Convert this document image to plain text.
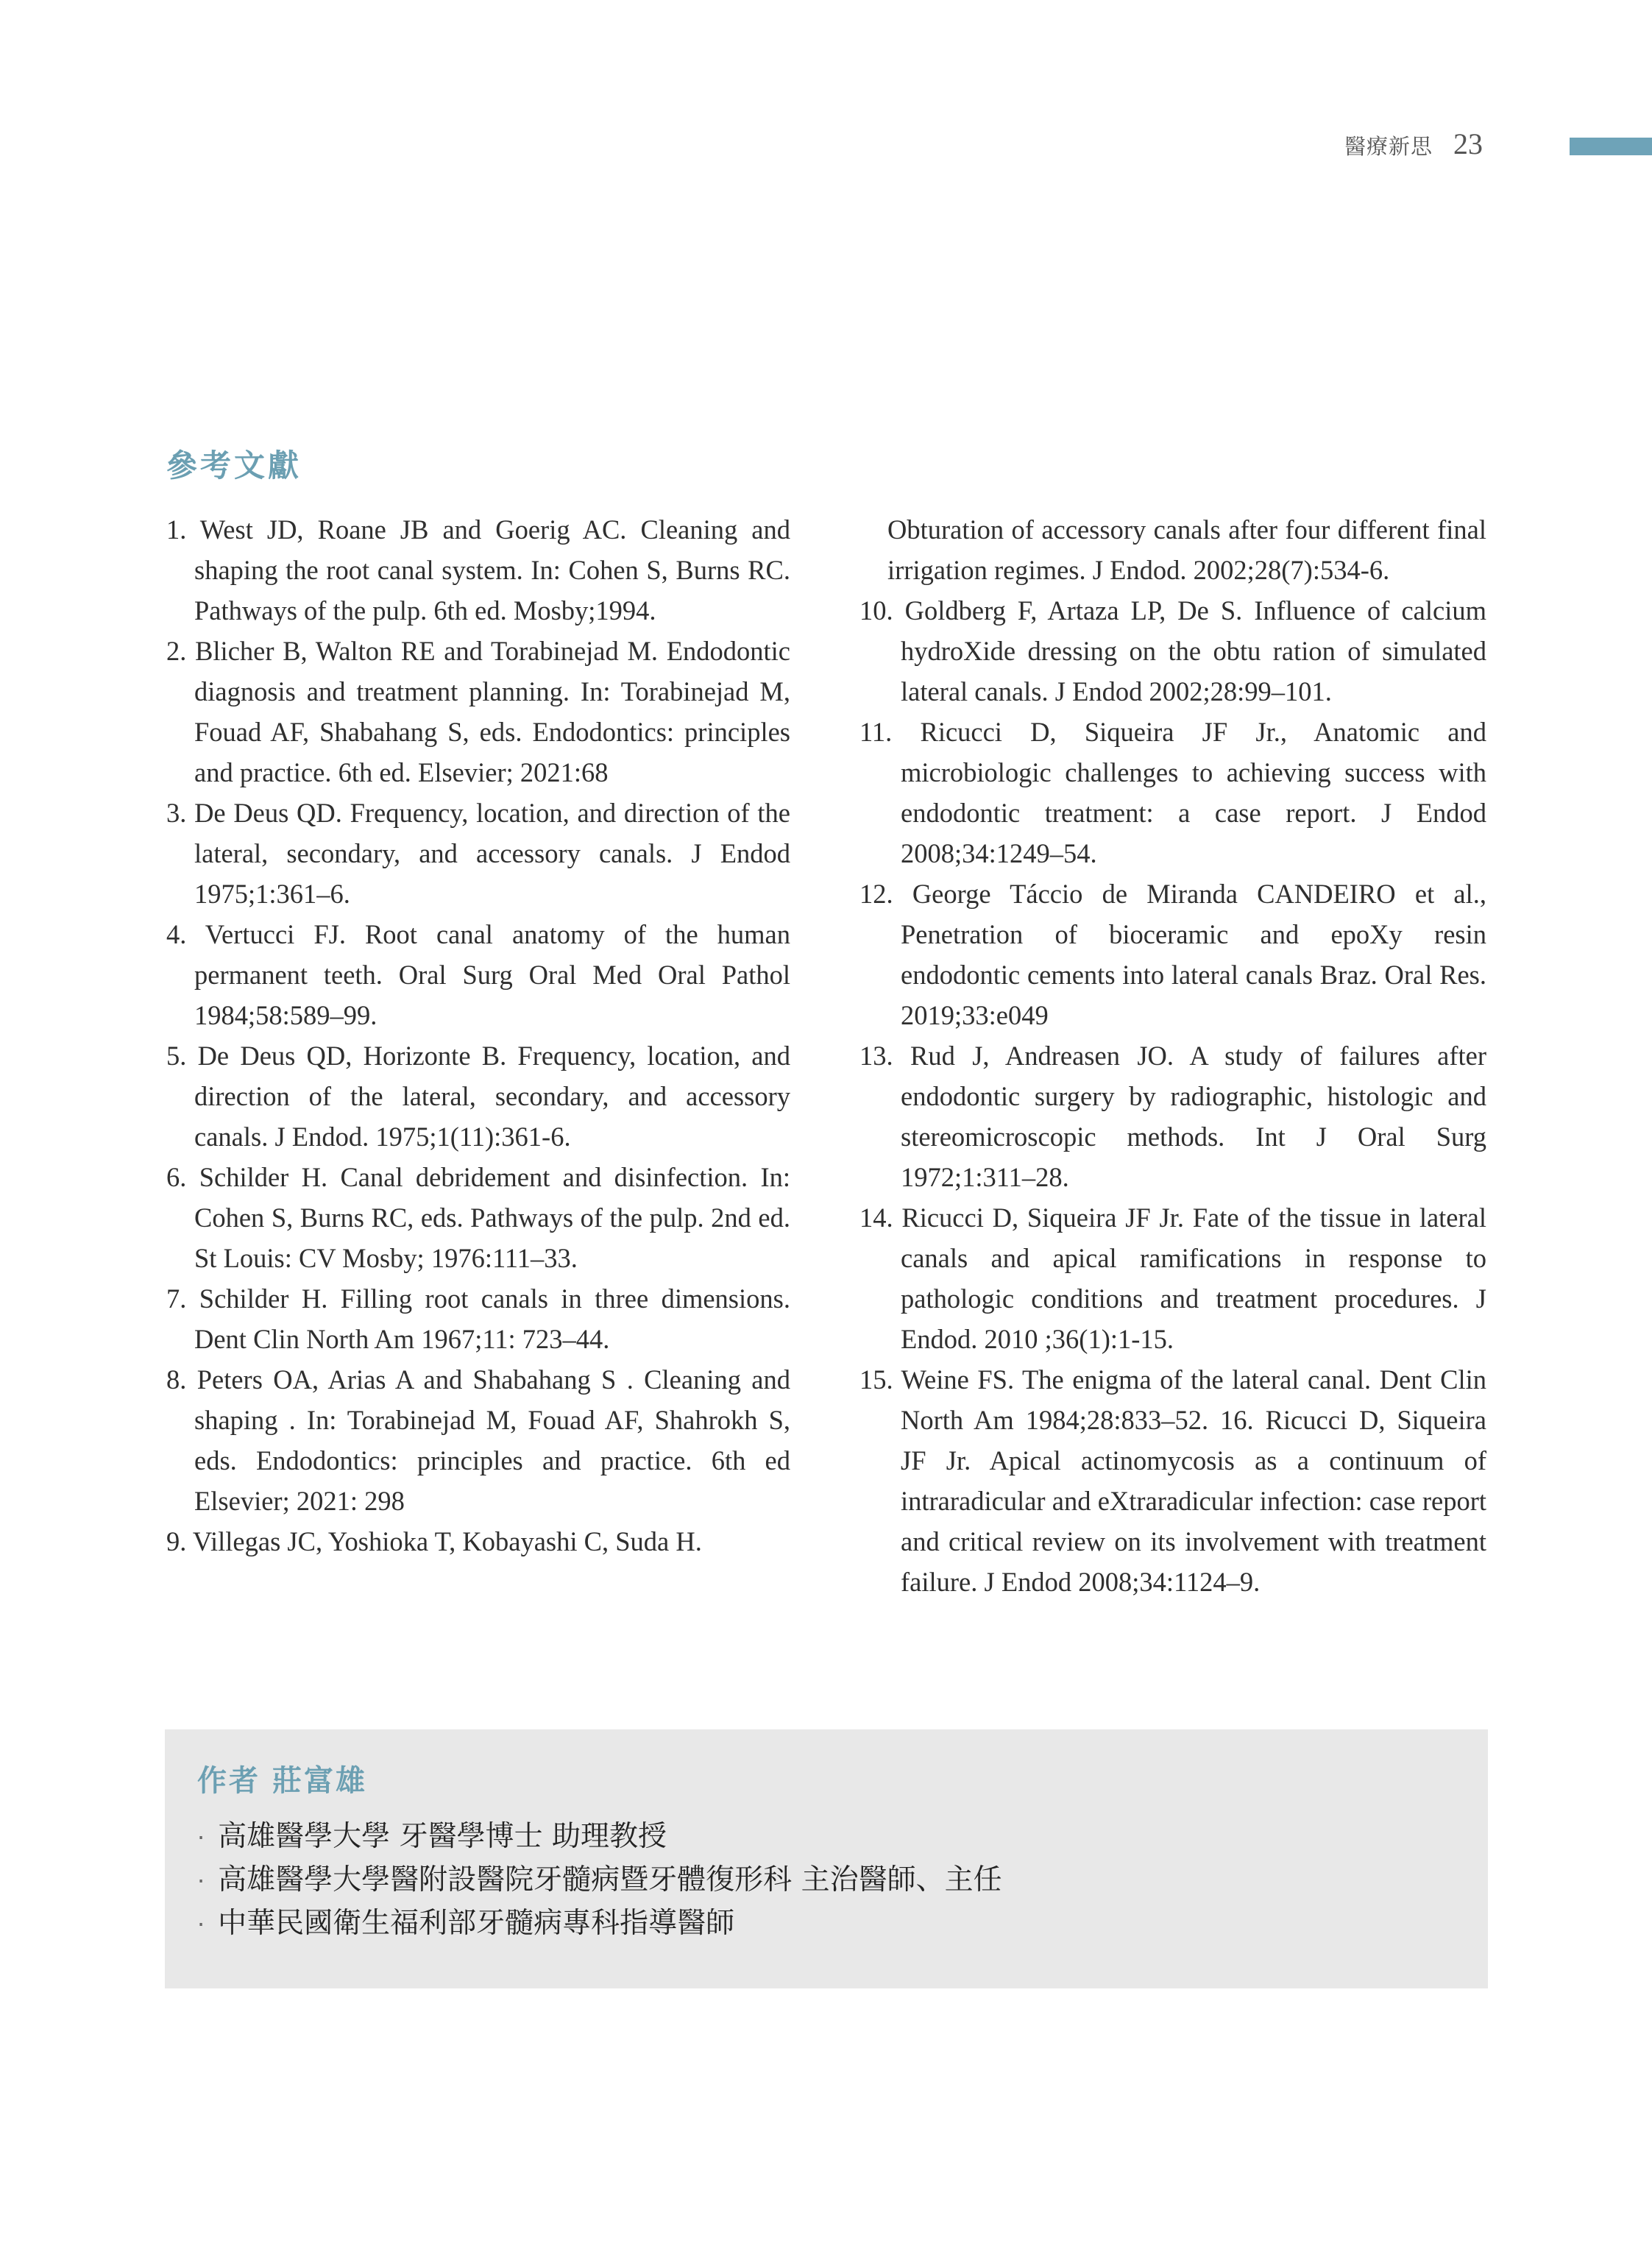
醫療新思 23
參考文獻
1. West JD, Roane JB and Goerig AC. Cleaning and shaping the root canal system. In: Cohen S, Burns RC. Pathways of the pulp. 6th ed. Mosby;1994.
2. Blicher B, Walton RE and Torabinejad M. Endodontic diagnosis and treatment planning. In: Torabinejad M, Fouad AF, Shabahang S, eds. Endodontics: principles and practice. 6th ed. Elsevier; 2021:68
3. De Deus QD. Frequency, location, and direction of the lateral, secondary, and accessory canals. J Endod 1975;1:361–6.
4. Vertucci FJ. Root canal anatomy of the human permanent teeth. Oral Surg Oral Med Oral Pathol 1984;58:589–99.
5. De Deus QD, Horizonte B. Frequency, location, and direction of the lateral, secondary, and accessory canals. J Endod. 1975;1(11):361-6.
6. Schilder H. Canal debridement and disinfection. In: Cohen S, Burns RC, eds. Pathways of the pulp. 2nd ed. St Louis: CV Mosby; 1976:111–33.
7. Schilder H. Filling root canals in three dimensions. Dent Clin North Am 1967;11: 723–44.
8. Peters OA, Arias A and Shabahang S . Cleaning and shaping . In: Torabinejad M, Fouad AF, Shahrokh S, eds. Endodontics: principles and practice. 6th ed Elsevier; 2021: 298
9. Villegas JC, Yoshioka T, Kobayashi C, Suda H.
Obturation of accessory canals after four different final irrigation regimes. J Endod. 2002;28(7):534-6.
10. Goldberg F, Artaza LP, De S. Influence of calcium hydroXide dressing on the obtu ration of simulated lateral canals. J Endod 2002;28:99–101.
11. Ricucci D, Siqueira JF Jr., Anatomic and microbiologic challenges to achieving success with endodontic treatment: a case report. J Endod 2008;34:1249–54.
12. George Táccio de Miranda CANDEIRO et al., Penetration of bioceramic and epoXy resin endodontic cements into lateral canals Braz. Oral Res. 2019;33:e049
13. Rud J, Andreasen JO. A study of failures after endodontic surgery by radiographic, histologic and stereomicroscopic methods. Int J Oral Surg 1972;1:311–28.
14. Ricucci D, Siqueira JF Jr. Fate of the tissue in lateral canals and apical ramifications in response to pathologic conditions and treatment procedures. J Endod. 2010 ;36(1):1-15.
15. Weine FS. The enigma of the lateral canal. Dent Clin North Am 1984;28:833–52. 16. Ricucci D, Siqueira JF Jr. Apical actinomycosis as a continuum of intraradicular and eXtraradicular infection: case report and critical review on its involvement with treatment failure. J Endod 2008;34:1124–9.
作者 莊富雄
· 高雄醫學大學 牙醫學博士 助理教授
· 高雄醫學大學醫附設醫院牙髓病暨牙體復形科 主治醫師、主任
· 中華民國衛生福利部牙髓病專科指導醫師
